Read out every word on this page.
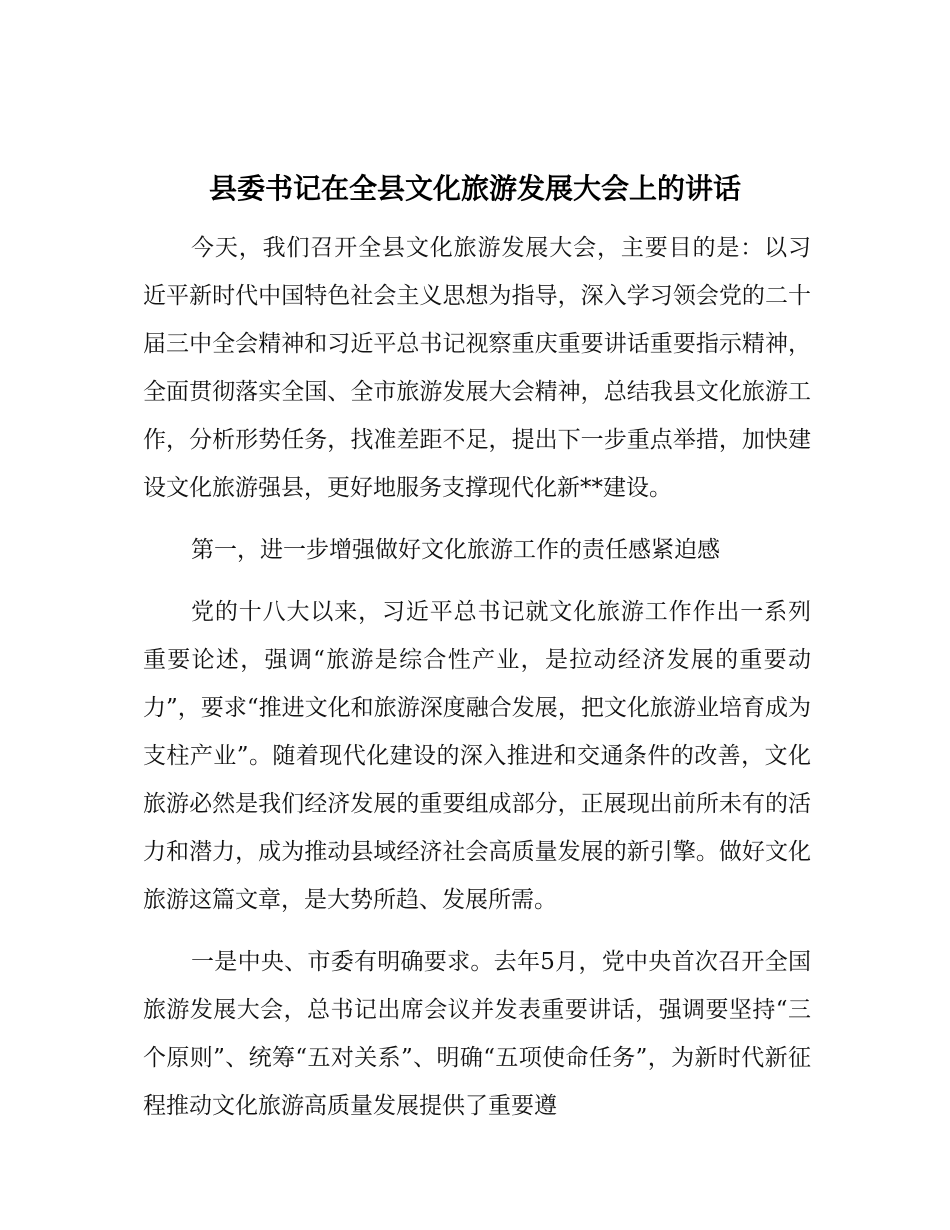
县委书记在全县文化旅游发展大会上的讲话

今天，我们召开全县文化旅游发展大会，主要目的是：以习近平新时代中国特色社会主义思想为指导，深入学习领会党的二十届三中全会精神和习近平总书记视察重庆重要讲话重要指示精神，全面贯彻落实全国、全市旅游发展大会精神，总结我县文化旅游工作，分析形势任务，找准差距不足，提出下一步重点举措，加快建设文化旅游强县，更好地服务支撑现代化新**建设。

第一，进一步增强做好文化旅游工作的责任感紧迫感

党的十八大以来，习近平总书记就文化旅游工作作出一系列重要论述，强调“旅游是综合性产业，是拉动经济发展的重要动力”，要求“推进文化和旅游深度融合发展，把文化旅游业培育成为支柱产业”。随着现代化建设的深入推进和交通条件的改善，文化旅游必然是我们经济发展的重要组成部分，正展现出前所未有的活力和潜力，成为推动县域经济社会高质量发展的新引擎。做好文化旅游这篇文章，是大势所趋、发展所需。

一是中央、市委有明确要求。去年5月，党中央首次召开全国旅游发展大会，总书记出席会议并发表重要讲话，强调要坚持“三个原则”、统筹“五对关系”、明确“五项使命任务”，为新时代新征程推动文化旅游高质量发展提供了重要遵
